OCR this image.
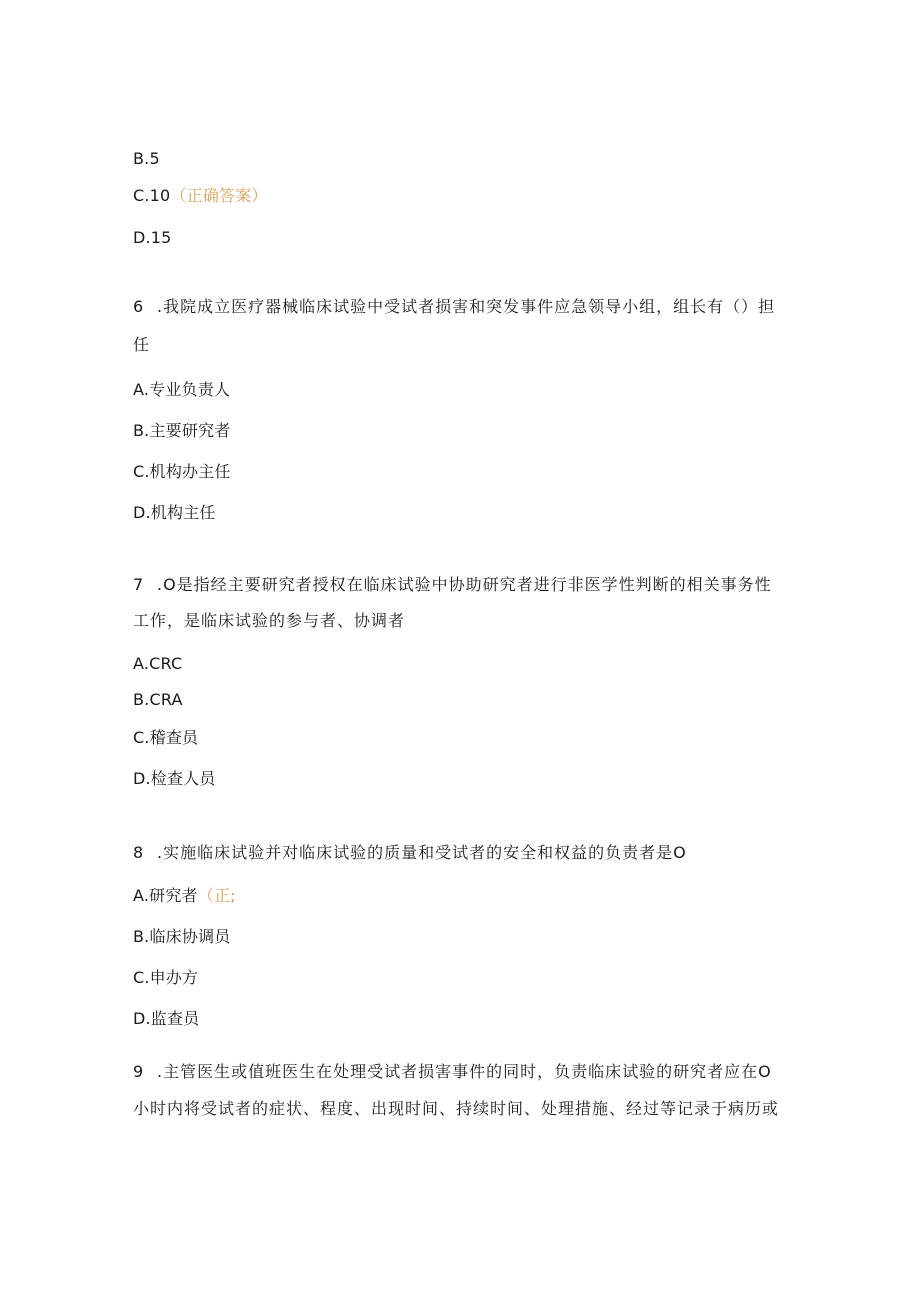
B.5
C.10（正确答案）
D.15
6 .我院成立医疗器械临床试验中受试者损害和突发事件应急领导小组，组长有（）担
任
A.专业负责人
B.主要研究者
C.机构办主任
D.机构主任
7 .O是指经主要研究者授权在临床试验中协助研究者进行非医学性判断的相关事务性
工作，是临床试验的参与者、协调者
A.CRC
B.CRA
C.稽查员
D.检查人员
8 .实施临床试验并对临床试验的质量和受试者的安全和权益的负责者是O
A.研究者（正;
B.临床协调员
C.申办方
D.监查员
9 .主管医生或值班医生在处理受试者损害事件的同时，负责临床试验的研究者应在O
小时内将受试者的症状、程度、出现时间、持续时间、处理措施、经过等记录于病历或
